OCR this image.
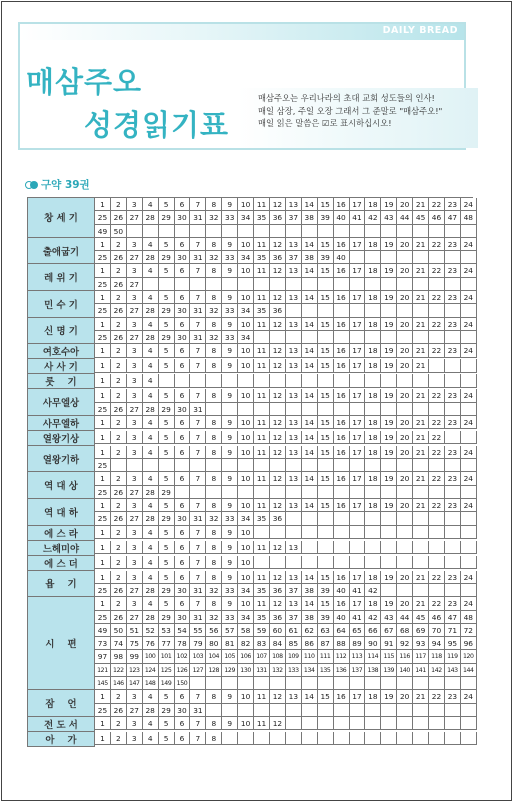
DAILY BREAD
매삼주오
성경읽기표
매삼주오는 우리나라의 초대 교회 성도들의 인사!
매일 삼장, 주일 오장 그래서 그 준말로 "매삼주오!"
매일 읽은 말씀은 ☑로 표시하십시오!
구약 39권
창 세 기
1	2	3	4	5	6	7	8	9	10 11 12 13 14 15 16 17 18 19 20 21 22 23 24
25 26 27 28 29 30 31 32 33 34 35 36 37 38 39 40 41 42 43 44 45 46 47 48
49 50
출애굽기
1	2	3	4	5	6	7	8	9	10 11 12 13 14 15 16 17 18 19 20 21 22 23 24
25 26 27 28 29 30 31 32 33 34 35 36 37 38 39 40
레 위 기
1	2	3	4	5	6	7	8	9	10 11 12 13 14 15 16 17 18 19 20 21 22 23 24
25 26 27
민 수 기
1	2	3	4	5	6	7	8	9	10 11 12 13 14 15 16 17 18 19 20 21 22 23 24
25 26 27 28 29 30 31 32 33 34 35 36
신 명 기
1	2	3	4	5	6	7	8	9	10 11 12 13 14 15 16 17 18 19 20 21 22 23 24
25 26 27 28 29 30 31 32 33 34
여호수아	1	2	3	4	5	6	7	8	9	10 11 12 13 14 15 16 17 18 19 20 21 22 23 24
사 사 기	1	2	3	4	5	6	7	8	9	10 11 12 13 14 15 16 17 18 19 20 21
룻    기	1	2	3	4
사무엘상
1	2	3	4	5	6	7	8	9	10 11 12 13 14 15 16 17 18 19 20 21 22 23 24
25 26 27 28 29 30 31
사무엘하	1	2	3	4	5	6	7	8	9	10 11 12 13 14 15 16 17 18 19 20 21 22 23 24
열왕기상	1	2	3	4	5	6	7	8	9	10 11 12 13 14 15 16 17 18 19 20 21 22
열왕기하
1	2	3	4	5	6	7	8	9	10 11 12 13 14 15 16 17 18 19 20 21 22 23 24
25
역 대 상
1	2	3	4	5	6	7	8	9	10 11 12 13 14 15 16 17 18 19 20 21 22 23 24
25 26 27 28 29
역 대 하
1	2	3	4	5	6	7	8	9	10 11 12 13 14 15 16 17 18 19 20 21 22 23 24
25 26 27 28 29 30 31 32 33 34 35 36
에 스 라	1	2	3	4	5	6	7	8	9	10
느헤미야	1	2	3	4	5	6	7	8	9	10 11 12 13
에 스 더	1	2	3	4	5	6	7	8	9	10
욥    기
1	2	3	4	5	6	7	8	9	10 11 12 13 14 15 16 17 18 19 20 21 22 23 24
25 26 27 28 29 30 31 32 33 34 35 36 37 38 39 40 41 42
시    편
1	2	3	4	5	6	7	8	9	10 11 12 13 14 15 16 17 18 19 20 21 22 23 24
25 26 27 28 29 30 31 32 33 34 35 36 37 38 39 40 41 42 43 44 45 46 47 48
49 50 51 52 53 54 55 56 57 58 59 60 61 62 63 64 65 66 67 68 69 70 71 72
73 74 75 76 77 78 79 80 81 82 83 84 85 86 87 88 89 90 91 92 93 94 95 96
97 98 99 100 101 102 103 104 105 106 107 108 109 110 111 112 113 114 115 116 117 118 119 120
121 122 123 124 125 126 127 128 129 130 131 132 133 134 135 136 137 138 139 140 141 142 143 144
145 146 147 148 149 150
잠    언
1	2	3	4	5	6	7	8	9	10 11 12 13 14 15 16 17 18 19 20 21 22 23 24
25 26 27 28 29 30 31
전 도 서	1	2	3	4	5	6	7	8	9	10 11 12
아    가	1	2	3	4	5	6	7	8
